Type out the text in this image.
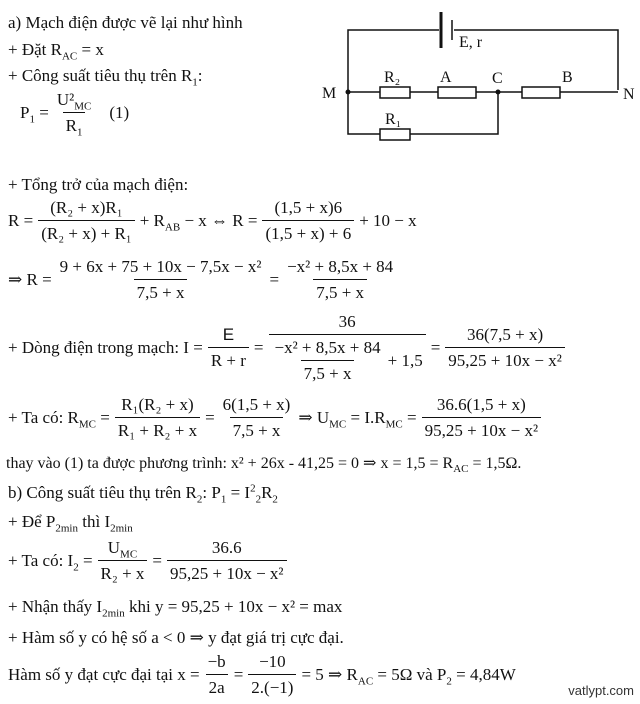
a) Mạch điện được vẽ lại như hình
+ Đặt $R_{AC} = x$
+ Công suất tiêu thụ trên $R_1$:
$P_1 = \frac{U^2_{MC}}{R_1} (1)$
E, r
M	N
A	C	B
R₂
R₁
+ Tổng trở của mạch điện:
$R = \frac{\text{(R₂ + x)R₁}}{\text{(R₂ + x) + R₁}} + R_{AB} - x$ ⇔ $R = \frac{(1,5 + x)6}{(1,5 + x) + 6} + 10 - x$
⇒ $R = \frac{\text{9 + 6x + 75 + 10x − 7,5x − x²}}{7,5 + x} = \frac{\text{−x² + 8,5x + 84}}{7,5 + x}$
+ Dòng điện trong mạch: $I = \frac{E}{R + r} = \frac{36}{\frac{\text{−x² + 8,5x + 84}}{7,5 + x} + 1,5} = \frac{36(7,5 + x)}{\text{95,25 + 10x − x²}}$
+ Ta có: $R_{MC} = \frac{\text{R₁(R₂ + x)}}{\text{R₁ + R₂ + x}} = \frac{6(1,5 + x)}{7,5 + x}$ ⇒ $U_{MC} = I.R_{MC} = \frac{36.6(1,5 + x)}{\text{95,25 + 10x − x²}}$
thay vào (1) ta được phương trình: x² + 26x - 41,25 = 0 ⇒ $x = 1,5 = R_{AC} = 1,5\Omega$.
b) Công suất tiêu thụ trên $R_2$: $P_1 = I^2_2R_2$
+ Để $P_{2min}$ thì $I_{2min}$
+ Ta có: $I_2 = \frac{U_{MC}}{\text{R₂ + x}} = \frac{36.6}{\text{95,25 + 10x − x²}}$
+ Nhận thấy $I_{2min}$ khi y = 95,25 + 10x − x² = max
+ Hàm số y có hệ số a < 0 ⇒ y đạt giá trị cực đại.
Hàm số y đạt cực đại tại $x = \frac{-b}{2a} = \frac{-10}{2.(-1)} = 5$ ⇒ $R_{AC} = 5\Omega$ và $P_2 = 4,84W$
vatlypt.com
